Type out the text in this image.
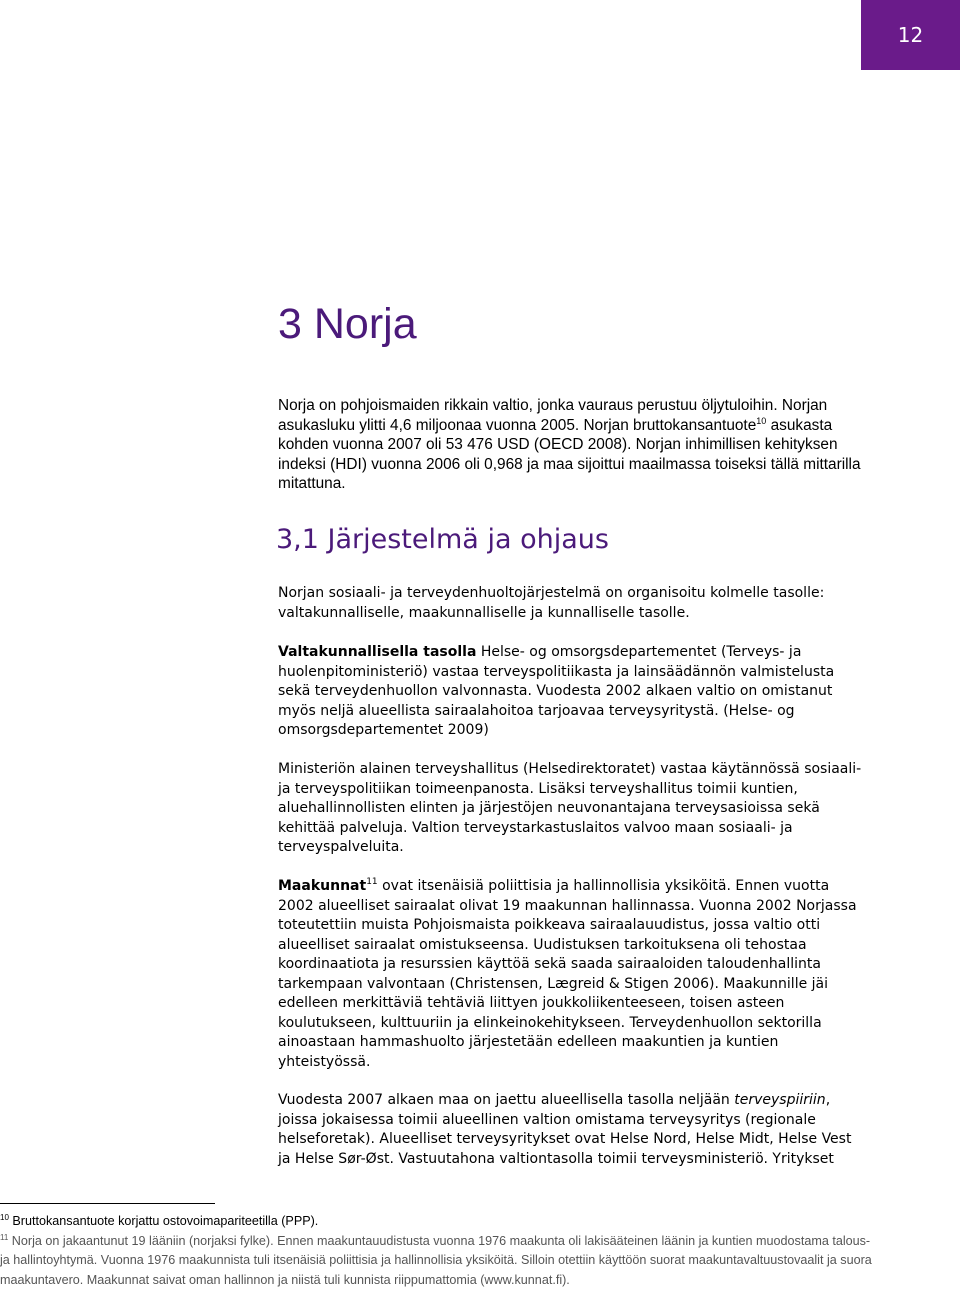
12
3 Norja

Norja on pohjoismaiden rikkain valtio, jonka vauraus perustuu öljytuloihin. Norjan asukasluku ylitti 4,6 miljoonaa vuonna 2005. Norjan bruttokansantuote$^{10}$ asukasta kohden vuonna 2007 oli 53 476 USD (OECD 2008). Norjan inhimillisen kehityksen indeksi (HDI) vuonna 2006 oli 0,968 ja maa sijoittui maailmassa toiseksi tällä mittarilla mitattuna.

3,1 Järjestelmä ja ohjaus

Norjan sosiaali- ja terveydenhuoltojärjestelmä on organisoitu kolmelle tasolle: valtakunnalliselle, maakunnalliselle ja kunnalliselle tasolle.

Valtakunnallisella tasolla Helse- og omsorgsdepartementet (Terveys- ja huolenpitoministeriö) vastaa terveyspolitiikasta ja lainsäädännön valmistelusta sekä terveydenhuollon valvonnasta. Vuodesta 2002 alkaen valtio on omistanut myös neljä alueellista sairaalahoitoa tarjoavaa terveysyritystä. (Helse- og omsorgsdepartementet 2009)

Ministeriön alainen terveyshallitus (Helsedirektoratet) vastaa käytännössä sosiaali- ja terveyspolitiikan toimeenpanosta. Lisäksi terveyshallitus toimii kuntien, aluehallinnollisten elinten ja järjestöjen neuvonantajana terveysasioissa sekä kehittää palveluja. Valtion terveystarkastuslaitos valvoo maan sosiaali- ja terveyspalveluita.

Maakunnat$^{11}$ ovat itsenäisiä poliittisia ja hallinnollisia yksiköitä. Ennen vuotta 2002 alueelliset sairaalat olivat 19 maakunnan hallinnassa. Vuonna 2002 Norjassa toteutettiin muista Pohjoismaista poikkeava sairaalauudistus, jossa valtio otti alueelliset sairaalat omistukseensa. Uudistuksen tarkoituksena oli tehostaa koordinaatiota ja resurssien käyttöä sekä saada sairaaloiden taloudenhallinta tarkempaan valvontaan (Christensen, Lægreid & Stigen 2006). Maakunnille jäi edelleen merkittäviä tehtäviä liittyen joukkoliikenteeseen, toisen asteen koulutukseen, kulttuuriin ja elinkeinokehitykseen. Terveydenhuollon sektorilla ainoastaan hammashuolto järjestetään edelleen maakuntien ja kuntien yhteistyössä.

Vuodesta 2007 alkaen maa on jaettu alueellisella tasolla neljään terveyspiiriin, joissa jokaisessa toimii alueellinen valtion omistama terveysyritys (regionale helseforetak). Alueelliset terveysyritykset ovat Helse Nord, Helse Midt, Helse Vest ja Helse Sør-Øst. Vastuutahona valtiontasolla toimii terveysministeriö. Yritykset

$^{10}$ Bruttokansantuote korjattu ostovoimapariteetilla (PPP).
$^{11}$ Norja on jakaantunut 19 lääniin (norjaksi fylke). Ennen maakuntauudistusta vuonna 1976 maakunta oli lakisääteinen läänin ja kuntien muodostama talous- ja hallintoyhtymä. Vuonna 1976 maakunnista tuli itsenäisiä poliittisia ja hallinnollisia yksiköitä. Silloin otettiin käyttöön suorat maakuntavaltuustovaalit ja suora maakuntavero. Maakunnat saivat oman hallinnon ja niistä tuli kunnista riippumattomia (www.kunnat.fi).
